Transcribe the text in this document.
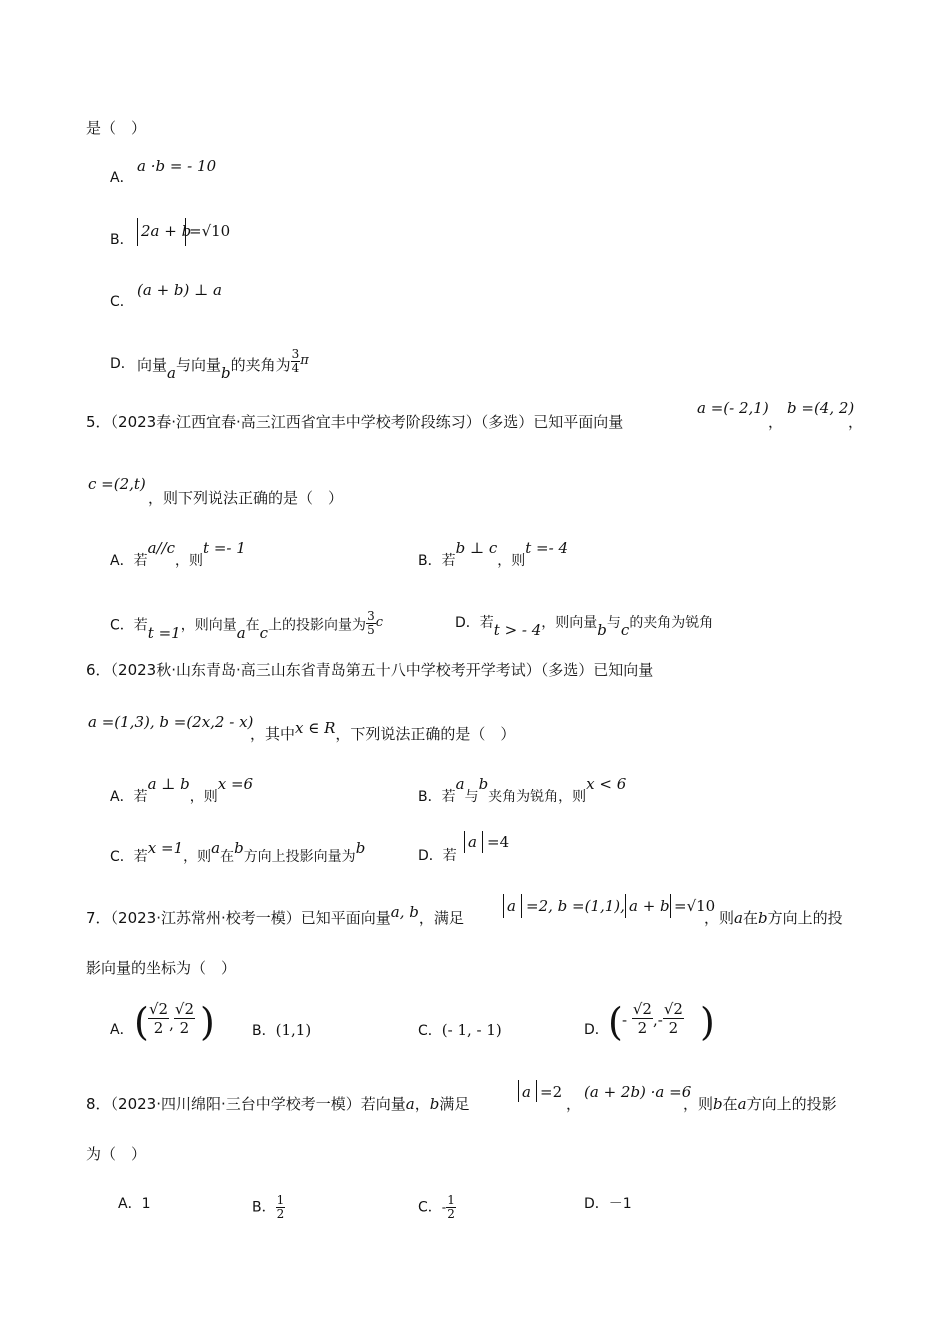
是（　）
A．
a ·b = - 10
B． 2a + b
=√10
C．
(a + b) ⊥ a
D． 向量a与向量b的夹角为 $\frac{3}{4}$ π
5．（2023春·江西宜春·高三江西省宜丰中学校考阶段练习）（多选）已知平面向量
a =(- 2,1)
，
b =(4, 2)
，
c =(2,t)
，则下列说法正确的是（　）
A．若a//c，则t =- 1
B．若b ⊥ c，则t =- 4
C．若t =1，则向量a在c上的投影向量为 $\frac{3}{5}$ c	D．若t > - 4，则向量b与c的夹角为锐角
6．（2023秋·山东青岛·高三山东省青岛第五十八中学校考开学考试）（多选）已知向量
a =(1,3), b =(2x,2 - x)
，其中x ∈ R，下列说法正确的是（　）
A．若a ⊥ b，则x =6
B．若a与b夹角为锐角，则x < 6
C．若x =1，则a在b方向上投影向量为b	D．若
a =4
7．（2023·江苏常州·校考一模）已知平面向量a, b，满足
a =2, b =(1,1), a + b =√10
，则a在b方向上的投
影向量的坐标为（　）
A． ( $\frac{√2}{2}$ , $\frac{√2}{2}$ )	B．(1,1)	C．(- 1, - 1)	D． ( - $\frac{√2}{2}$ ,- $\frac{√2}{2}$ )
8．（2023·四川绵阳·三台中学校考一模）若向量a，b满足
a =2
，
(a + 2b) ·a =6
，则b在a方向上的投影
为（　）
A．1	B． $\frac{1}{2}$	C．- $\frac{1}{2}$	D．－1
